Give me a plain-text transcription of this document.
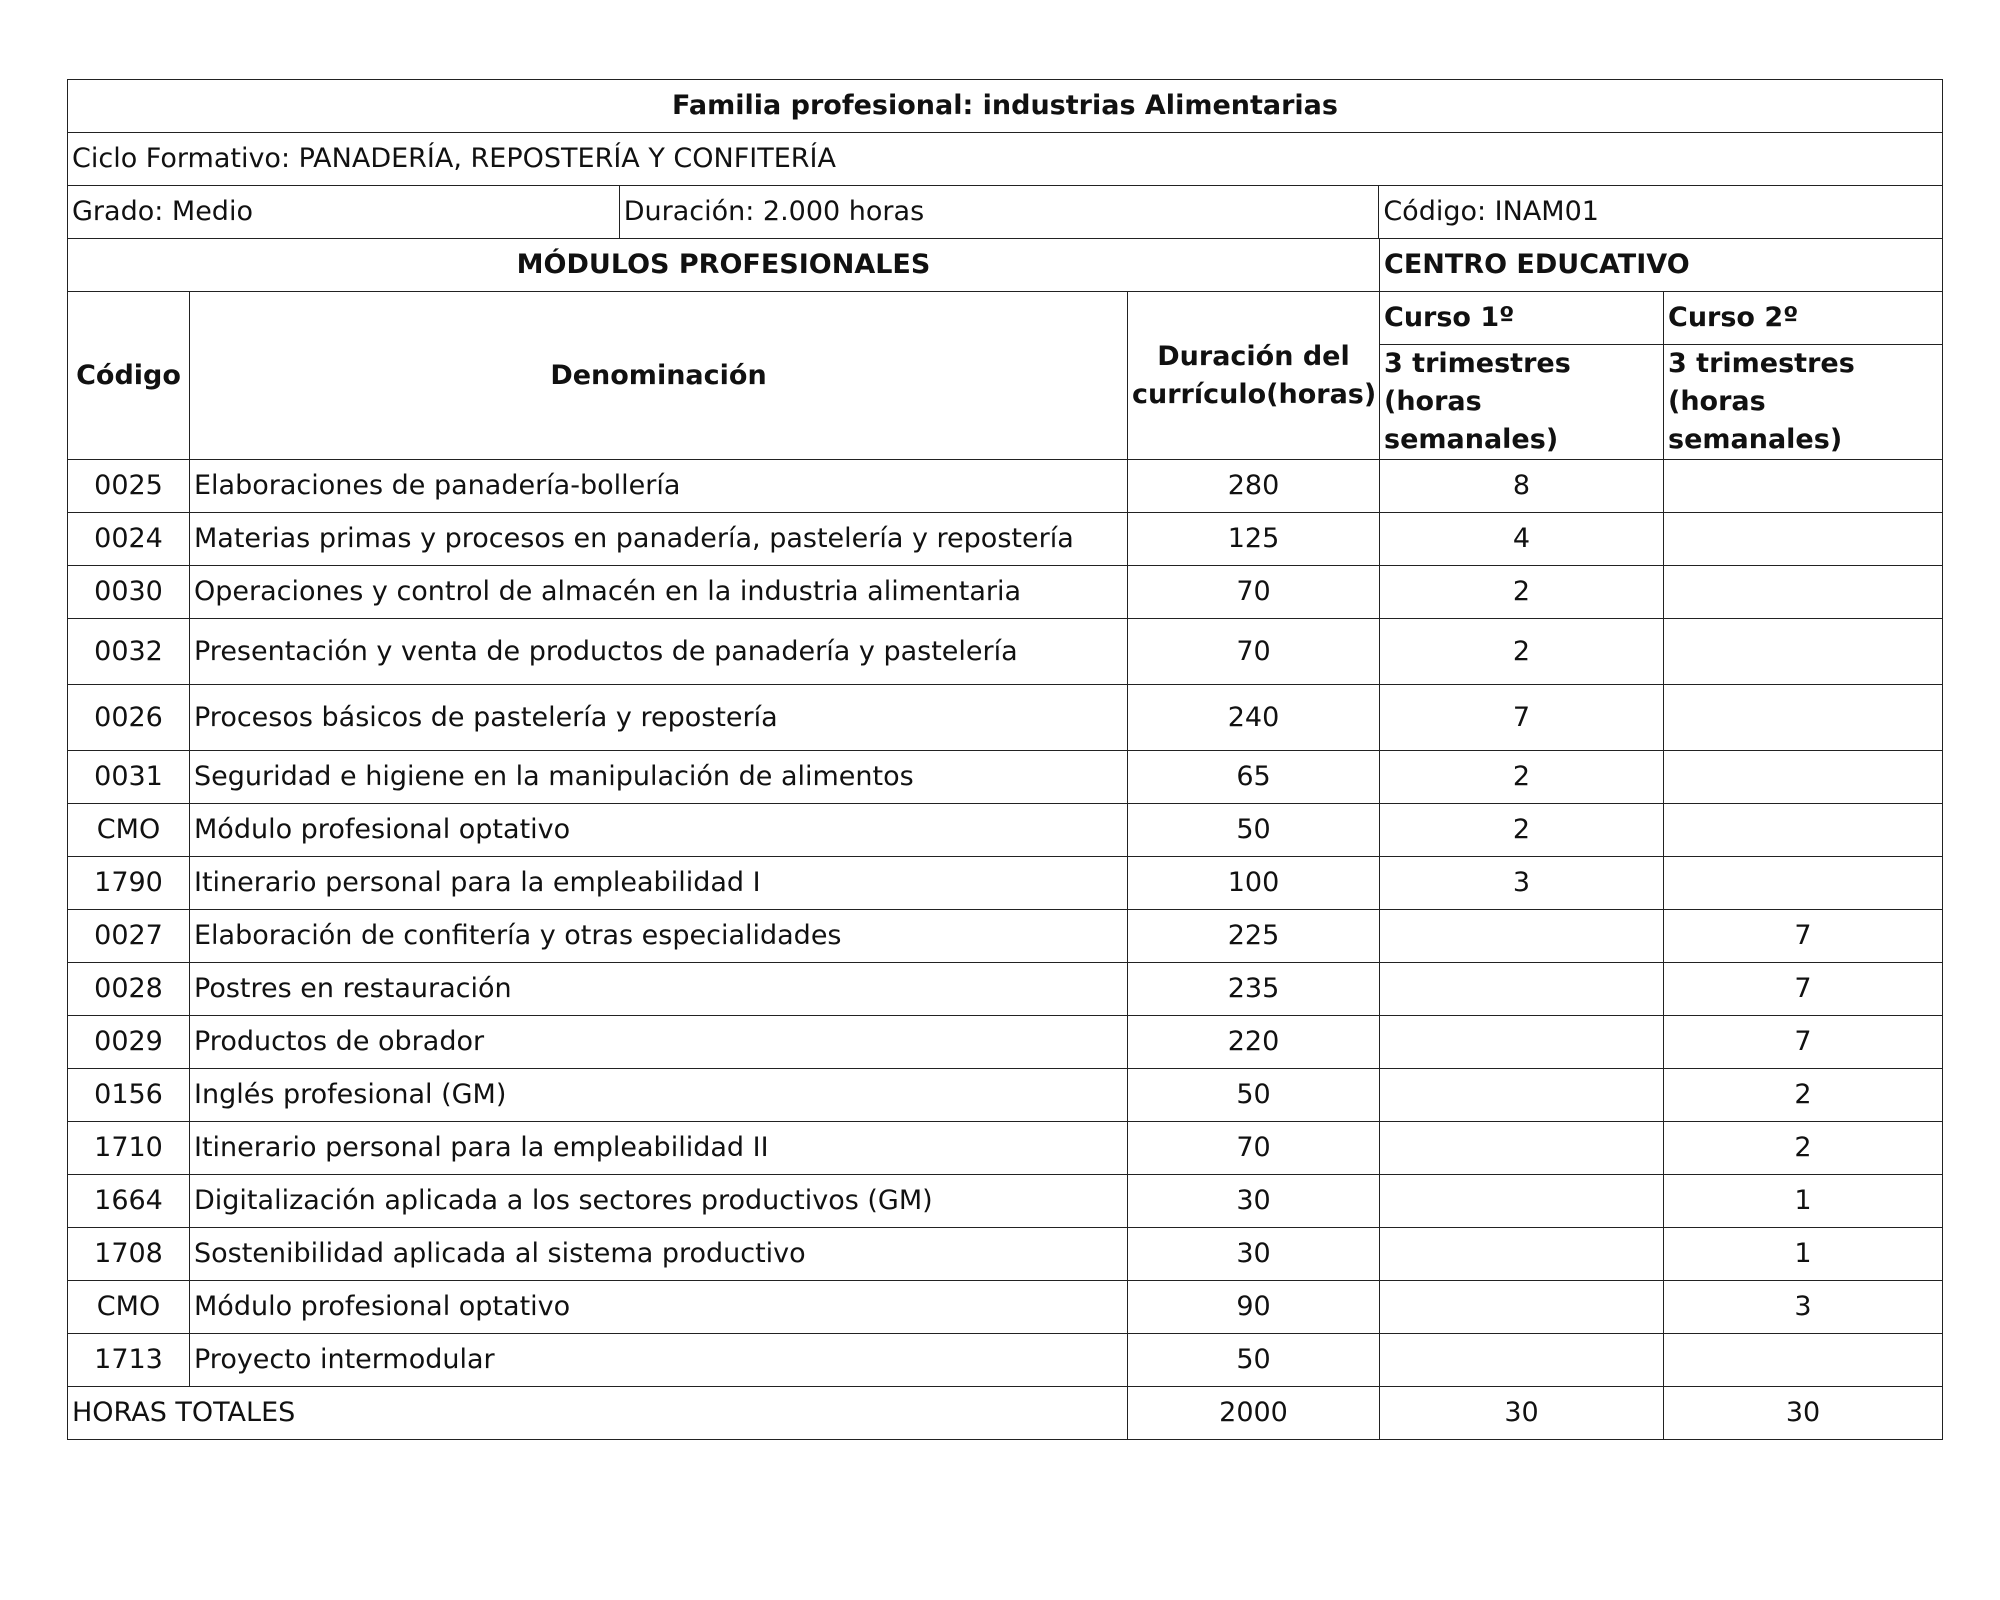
Familia profesional: industrias Alimentarias				
Ciclo Formativo: PANADERÍA, REPOSTERÍA Y CONFITERÍA				

Grado: Medio Duración: 2.000 horas Código: INAM01				

MÓDULOS PROFESIONALES			CENTRO EDUCATIVO	
Código	Denominación	Duración del currículo(horas)	Curso 1º	Curso 2º
			3 trimestres (horas semanales)	3 trimestres (horas semanales)
0025	Elaboraciones de panadería-bollería	280	8	
0024	Materias primas y procesos en panadería, pastelería y repostería	125	4	
0030	Operaciones y control de almacén en la industria alimentaria	70	2	
0032	Presentación y venta de productos de panadería y pastelería	70	2	
0026	Procesos básicos de pastelería y repostería	240	7	
0031	Seguridad e higiene en la manipulación de alimentos	65	2	
CMO	Módulo profesional optativo	50	2	
1790	Itinerario personal para la empleabilidad I	100	3	
0027	Elaboración de confitería y otras especialidades	225		7
0028	Postres en restauración	235		7
0029	Productos de obrador	220		7
0156	Inglés profesional (GM)	50		2
1710	Itinerario personal para la empleabilidad II	70		2
1664	Digitalización aplicada a los sectores productivos (GM)	30		1
1708	Sostenibilidad aplicada al sistema productivo	30		1
CMO	Módulo profesional optativo	90		3
1713	Proyecto intermodular	50		
HORAS TOTALES		2000	30	30
